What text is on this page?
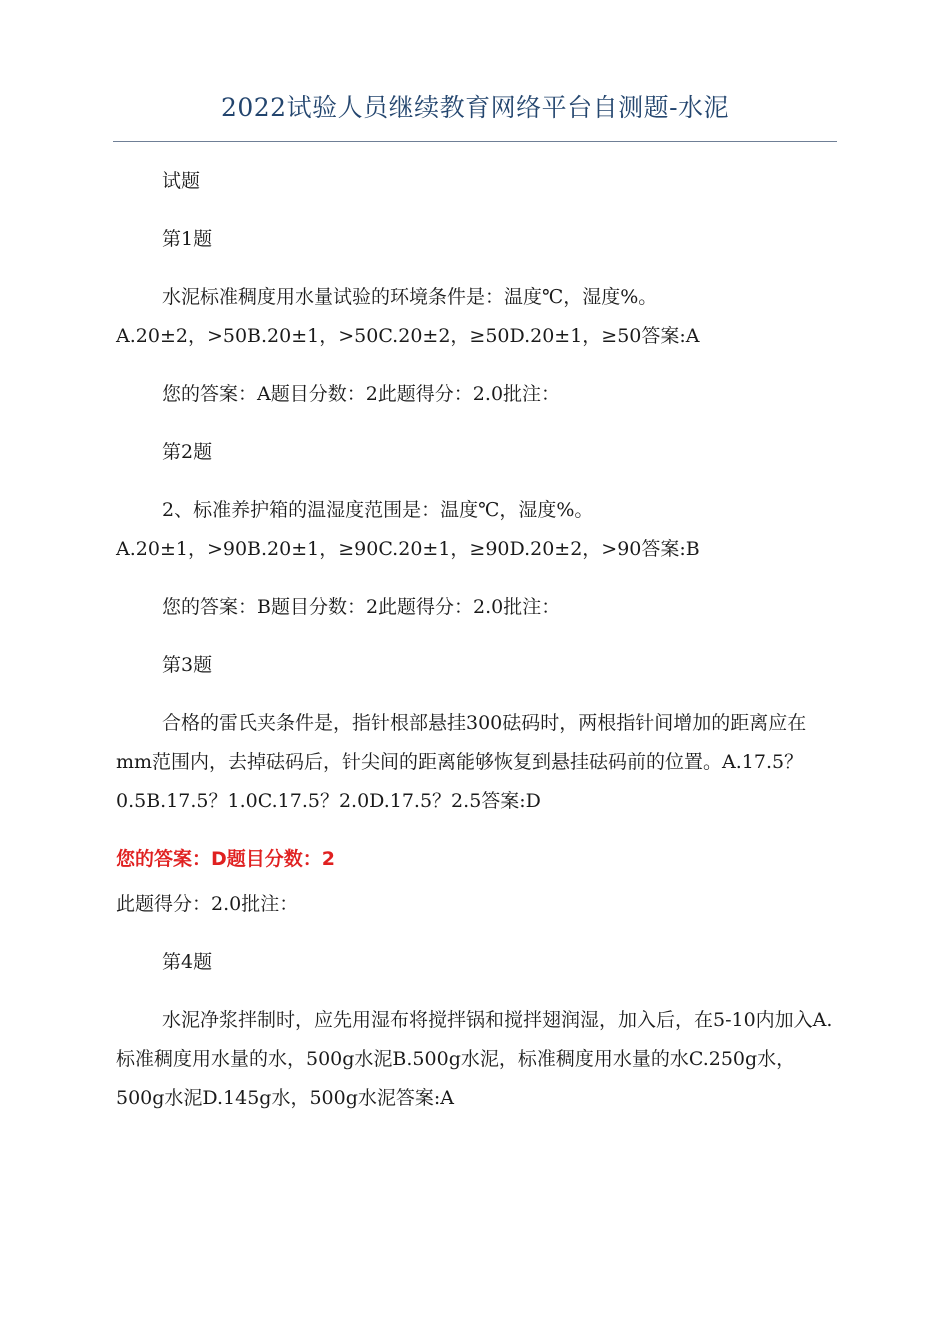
2022试验人员继续教育网络平台自测题-水泥

试题

第1题

水泥标准稠度用水量试验的环境条件是：温度℃，湿度%。

A.20±2，>50B.20±1，>50C.20±2，≥50D.20±1，≥50答案:A

您的答案：A题目分数：2此题得分：2.0批注：

第2题

2、标准养护箱的温湿度范围是：温度℃，湿度%。

A.20±1，>90B.20±1，≥90C.20±1，≥90D.20±2，>90答案:B

您的答案：B题目分数：2此题得分：2.0批注：

第3题

合格的雷氏夹条件是，指针根部悬挂300砝码时，两根指针间增加的距离应在mm范围内，去掉砝码后，针尖间的距离能够恢复到悬挂砝码前的位置。A.17.5？0.5B.17.5？1.0C.17.5？2.0D.17.5？2.5答案:D

您的答案：D题目分数：2

此题得分：2.0批注：

第4题

水泥净浆拌制时，应先用湿布将搅拌锅和搅拌翅润湿，加入后，在5-10内加入A.标准稠度用水量的水，500g水泥B.500g水泥，标准稠度用水量的水C.250g水，500g水泥D.145g水，500g水泥答案:A
